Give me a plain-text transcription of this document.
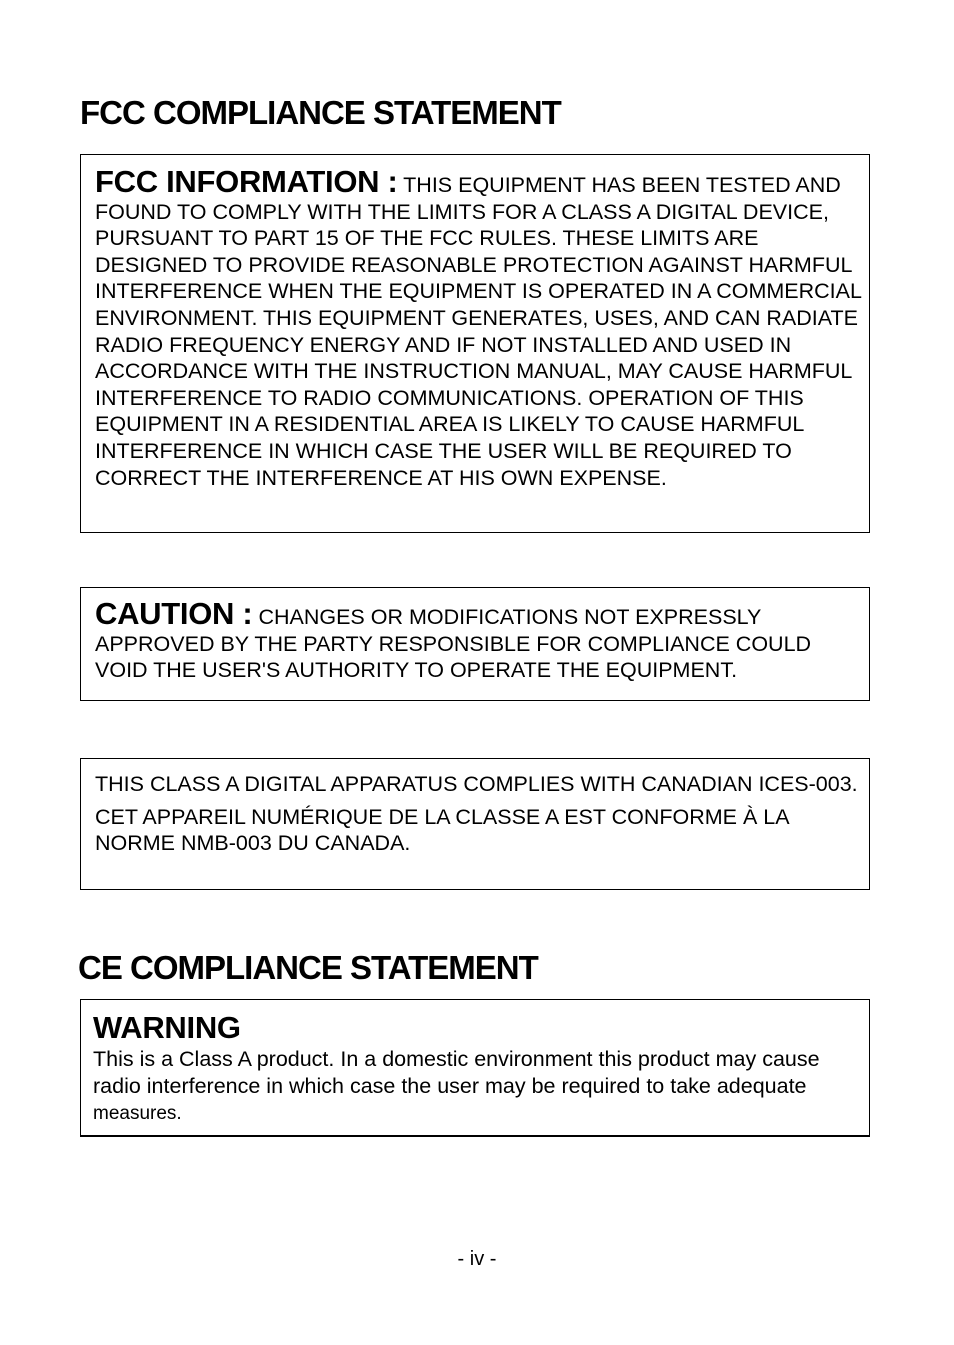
FCC COMPLIANCE STATEMENT

FCC INFORMATION : THIS EQUIPMENT HAS BEEN TESTED AND FOUND TO COMPLY WITH THE LIMITS FOR A CLASS A DIGITAL DEVICE, PURSUANT TO PART 15 OF THE FCC RULES. THESE LIMITS ARE DESIGNED TO PROVIDE REASONABLE PROTECTION AGAINST HARMFUL INTERFERENCE WHEN THE EQUIPMENT IS OPERATED IN A COMMERCIAL ENVIRONMENT. THIS EQUIPMENT GENERATES, USES, AND CAN RADIATE RADIO FREQUENCY ENERGY AND IF NOT INSTALLED AND USED IN ACCORDANCE WITH THE INSTRUCTION MANUAL, MAY CAUSE HARMFUL INTERFERENCE TO RADIO COMMUNICATIONS. OPERATION OF THIS EQUIPMENT IN A RESIDENTIAL AREA IS LIKELY TO CAUSE HARMFUL INTERFERENCE IN WHICH CASE THE USER WILL BE REQUIRED TO CORRECT THE INTERFERENCE AT HIS OWN EXPENSE.

CAUTION : CHANGES OR MODIFICATIONS NOT EXPRESSLY APPROVED BY THE PARTY RESPONSIBLE FOR COMPLIANCE COULD VOID THE USER'S AUTHORITY TO OPERATE THE EQUIPMENT.

THIS CLASS A DIGITAL APPARATUS COMPLIES WITH CANADIAN ICES-003.

CET APPAREIL NUMÉRIQUE DE LA CLASSE A EST CONFORME À LA NORME NMB-003 DU CANADA.

CE COMPLIANCE STATEMENT
WARNING

This is a Class A product. In a domestic environment this product may cause radio interference in which case the user may be required to take adequate measures.

- iv -
